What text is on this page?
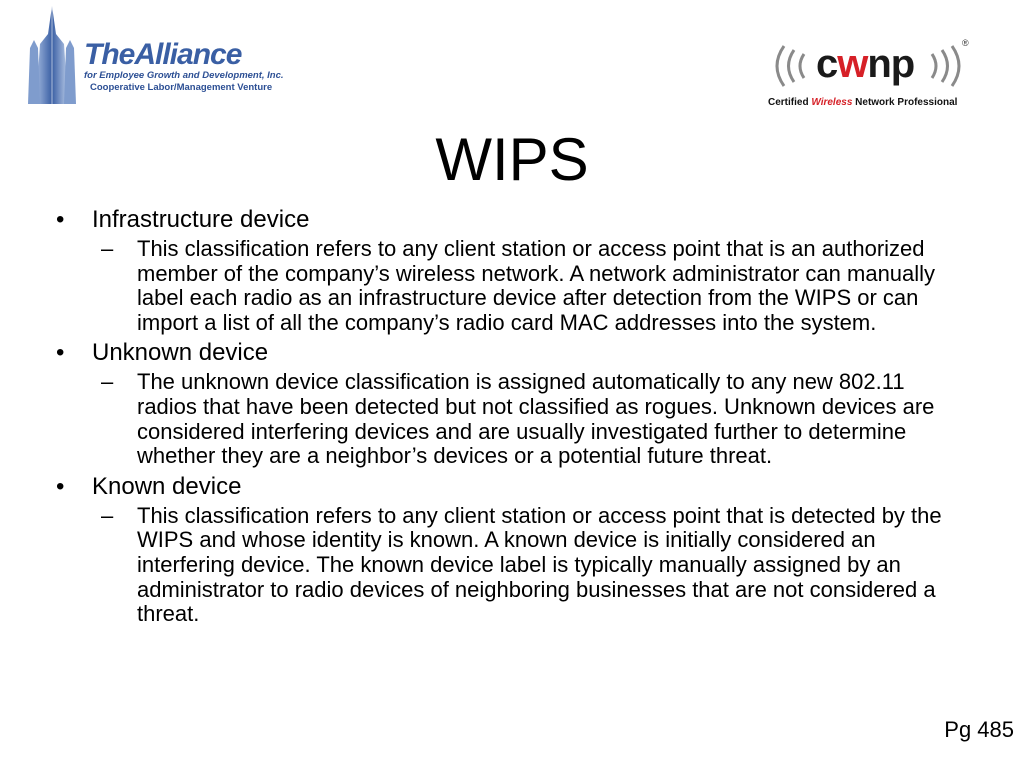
TheAlliance
for Employee Growth and Development, Inc.
Cooperative Labor/Management Venture
cwnp	®
Certified Wireless Network Professional
WIPS
•	Infrastructure device
– This classification refers to any client station or access point that is an authorized member of the company’s wireless network. A network administrator can manually label each radio as an infrastructure device after detection from the WIPS or can import a list of all the company’s radio card MAC addresses into the system.
•	Unknown device
– The unknown device classification is assigned automatically to any new 802.11 radios that have been detected but not classified as rogues. Unknown devices are considered interfering devices and are usually investigated further to determine whether they are a neighbor’s devices or a potential future threat.
•	Known device
– This classification refers to any client station or access point that is detected by the WIPS and whose identity is known. A known device is initially considered an interfering device. The known device label is typically manually assigned by an administrator to radio devices of neighboring businesses that are not considered a threat.
Pg 485
